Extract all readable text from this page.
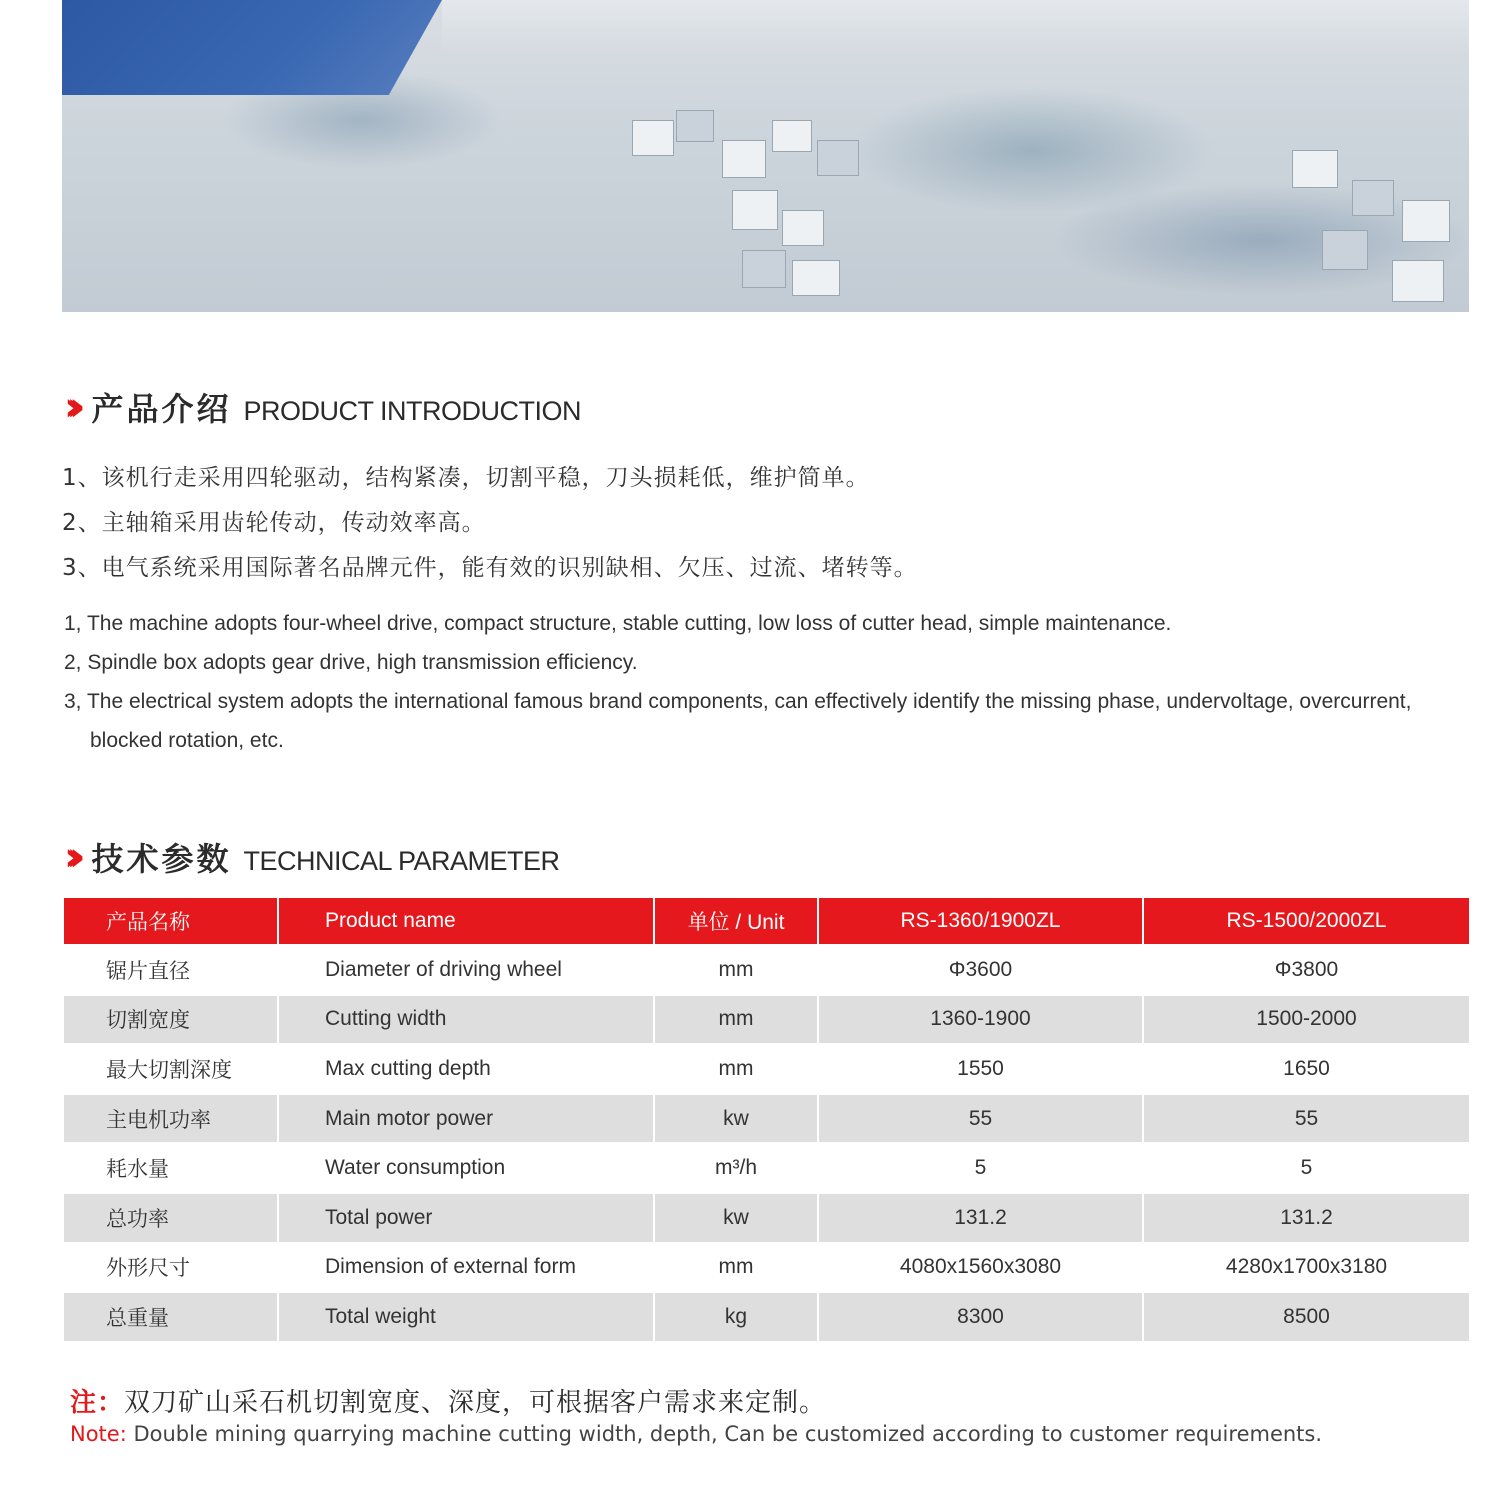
››› 产品介绍 PRODUCT INTRODUCTION
1、该机行走采用四轮驱动，结构紧凑，切割平稳，刀头损耗低，维护简单。
2、主轴箱采用齿轮传动，传动效率高。
3、电气系统采用国际著名品牌元件，能有效的识别缺相、欠压、过流、堵转等。
1, The machine adopts four-wheel drive, compact structure, stable cutting, low loss of cutter head, simple maintenance.
2, Spindle box adopts gear drive, high transmission efficiency.
3, The electrical system adopts the international famous brand components, can effectively identify the missing phase, undervoltage, overcurrent, blocked rotation, etc.
››› 技术参数 TECHNICAL PARAMETER
产品名称	Product name	单位 / Unit	RS-1360/1900ZL	RS-1500/2000ZL
锯片直径	Diameter of driving wheel	mm	Φ3600	Φ3800
切割宽度	Cutting width	mm	1360-1900	1500-2000
最大切割深度	Max cutting depth	mm	1550	1650
主电机功率	Main motor power	kw	55	55
耗水量	Water consumption	m³/h	5	5
总功率	Total power	kw	131.2	131.2
外形尺寸	Dimension of external form	mm	4080x1560x3080	4280x1700x3180
总重量	Total weight	kg	8300	8500
注：双刀矿山采石机切割宽度、深度，可根据客户需求来定制。
Note: Double mining quarrying machine cutting width, depth, Can be customized according to customer requirements.
